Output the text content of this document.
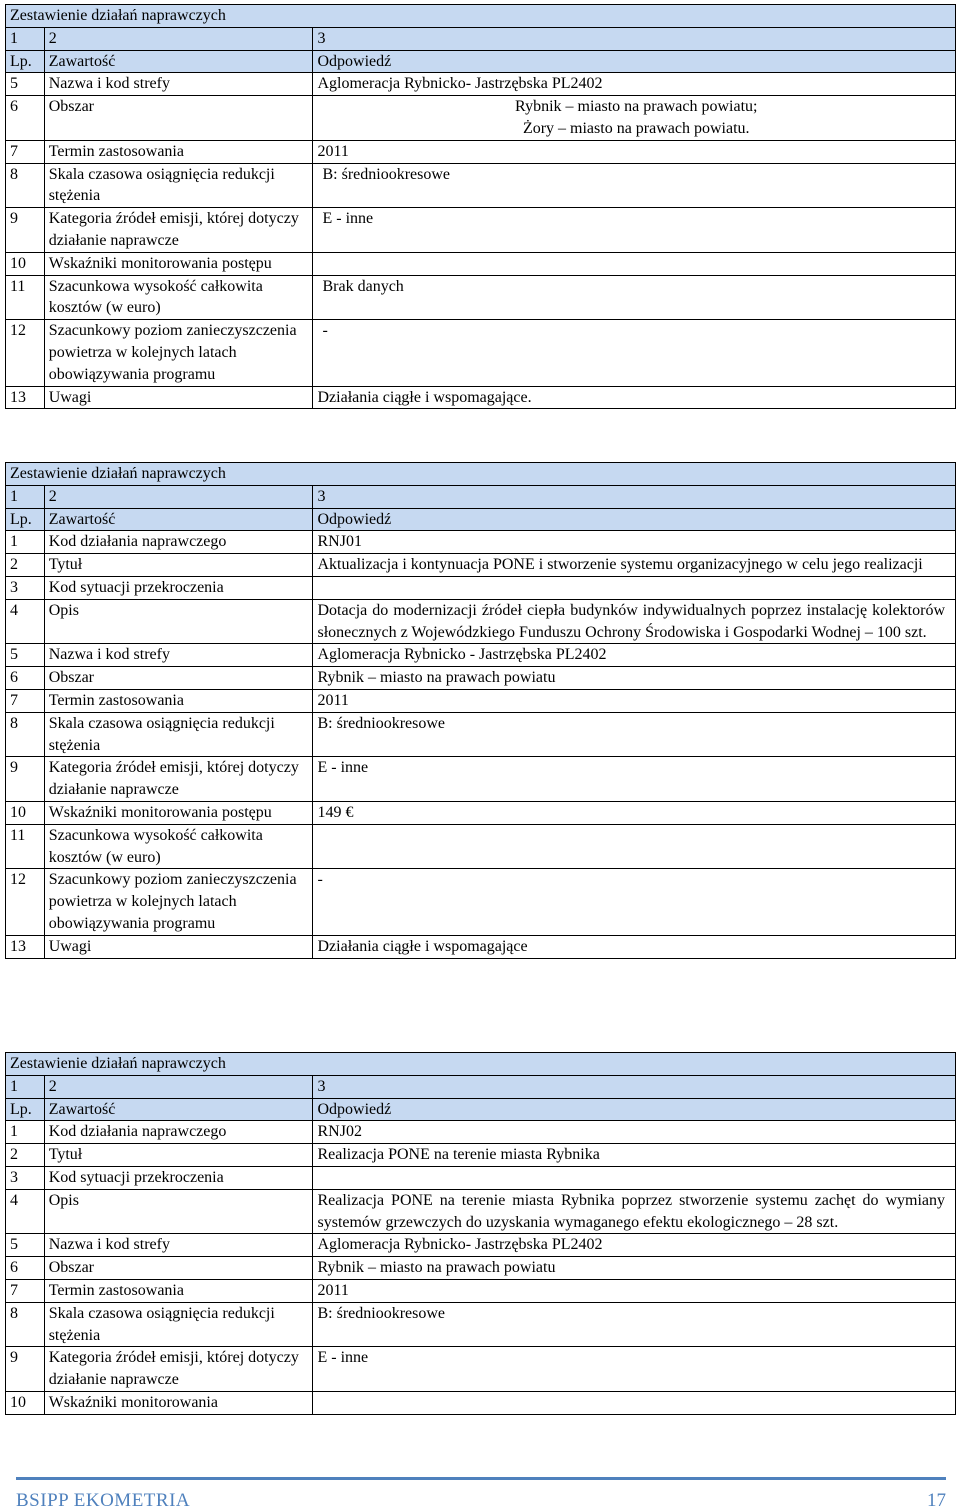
Zestawienie działań naprawczych		
1	2	3
Lp.	Zawartość	Odpowiedź
5	Nazwa i kod strefy	Aglomeracja Rybnicko- Jastrzębska PL2402
6	Obszar	Rybnik – miasto na prawach powiatu;
Żory – miasto na prawach powiatu.
7	Termin zastosowania	2011
8	Skala czasowa osiągnięcia redukcji stężenia	B: średniookresowe
9	Kategoria źródeł emisji, której dotyczy działanie naprawcze	E - inne
10	Wskaźniki monitorowania postępu	
11	Szacunkowa wysokość całkowita kosztów (w euro)	Brak danych
12	Szacunkowy poziom zanieczyszczenia powietrza w kolejnych latach obowiązywania programu	-
13	Uwagi	Działania ciągłe i wspomagające.
Zestawienie działań naprawczych		
1	2	3
Lp.	Zawartość	Odpowiedź
1	Kod działania naprawczego	RNJ01
2	Tytuł	Aktualizacja i kontynuacja PONE i stworzenie systemu organizacyjnego w celu jego realizacji
3	Kod sytuacji przekroczenia	
4	Opis	Dotacja do modernizacji źródeł ciepła budynków indywidualnych poprzez instalację kolektorów słonecznych z Wojewódzkiego Funduszu Ochrony Środowiska i Gospodarki Wodnej – 100 szt.
5	Nazwa i kod strefy	Aglomeracja Rybnicko - Jastrzębska PL2402
6	Obszar	Rybnik – miasto na prawach powiatu
7	Termin zastosowania	2011
8	Skala czasowa osiągnięcia redukcji stężenia	B: średniookresowe
9	Kategoria źródeł emisji, której dotyczy działanie naprawcze	E - inne
10	Wskaźniki monitorowania postępu	149 €
11	Szacunkowa wysokość całkowita kosztów (w euro)	
12	Szacunkowy poziom zanieczyszczenia powietrza w kolejnych latach obowiązywania programu	-
13	Uwagi	Działania ciągłe i wspomagające
Zestawienie działań naprawczych		
1	2	3
Lp.	Zawartość	Odpowiedź
1	Kod działania naprawczego	RNJ02
2	Tytuł	Realizacja PONE na terenie miasta Rybnika
3	Kod sytuacji przekroczenia	
4	Opis	Realizacja PONE na terenie miasta Rybnika poprzez stworzenie systemu zachęt do wymiany systemów grzewczych do uzyskania wymaganego efektu ekologicznego – 28 szt.
5	Nazwa i kod strefy	Aglomeracja Rybnicko- Jastrzębska PL2402
6	Obszar	Rybnik – miasto na prawach powiatu
7	Termin zastosowania	2011
8	Skala czasowa osiągnięcia redukcji stężenia	B: średniookresowe
9	Kategoria źródeł emisji, której dotyczy działanie naprawcze	E - inne
10	Wskaźniki monitorowania	
BSIPP EKOMETRIA	17
